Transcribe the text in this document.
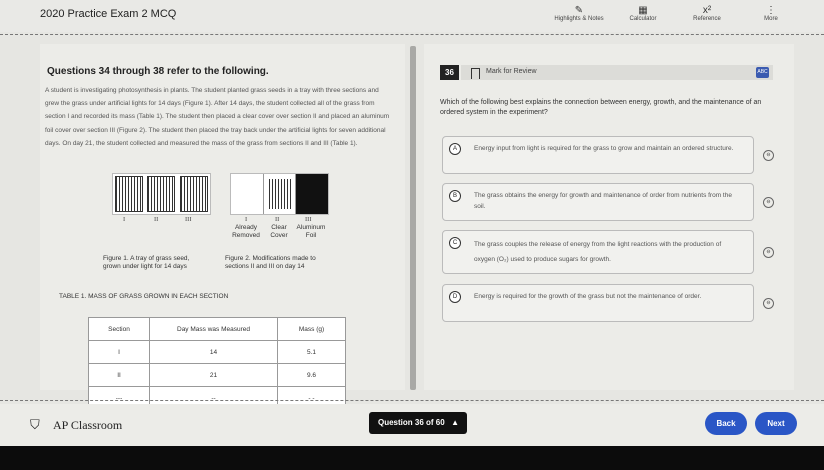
2020 Practice Exam 2 MCQ	✎
Highlights & Notes
▦
Calculator
x²
Reference
⋮
More
Questions 34 through 38 refer to the following.
A student is investigating photosynthesis in plants. The student planted grass seeds in a tray with three sections and grew the grass under artificial lights for 14 days (Figure 1). After 14 days, the student collected all of the grass from section I and recorded its mass (Table 1). The student then placed a clear cover over section II and placed an aluminum foil cover over section III (Figure 2). The student then placed the tray back under the artificial lights for seven additional days. On day 21, the student collected and measured the mass of the grass from sections II and III (Table 1).
I	II	III	I	II	III
Already Removed
Clear Cover
Aluminum Foil
Figure 1. A tray of grass seed, grown under light for 14 days
Figure 2. Modifications made to sections II and III on day 14
TABLE 1. MASS OF GRASS GROWN IN EACH SECTION
Section	Day Mass was Measured	Mass (g)
I	14	5.1
II	21	9.6
---	--	- -
36	Mark for Review	ABC
Which of the following best explains the connection between energy, growth, and the maintenance of an ordered system in the experiment?
A	Energy input from light is required for the grass to grow and maintain an ordered structure.
B	The grass obtains the energy for growth and maintenance of order from nutrients from the soil.
C	The grass couples the release of energy from the light reactions with the production of oxygen (O₂) used to produce sugars for growth.
D	Energy is required for the growth of the grass but not the maintenance of order.
⊖
⊖
⊖
⊖
⛉ AP Classroom	Question 36 of 60 ▲	Back	Next
